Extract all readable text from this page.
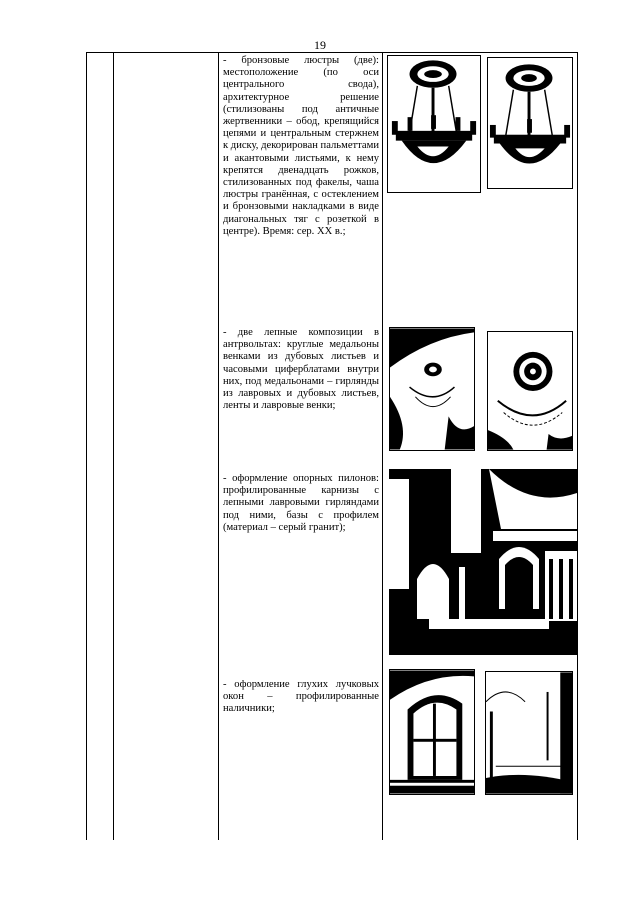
19
- бронзовые люстры (две): местоположение (по оси центрального свода), архитектурное решение (стилизованы под античные жертвенники – обод, крепящийся цепями и центральным стержнем к диску, декорирован пальметтами и акантовыми листьями, к нему крепятся двенадцать рожков, стилизованных под факелы, чаша люстры гранённая, с остеклением и бронзовыми накладками в виде диагональных тяг с розеткой в центре). Время: сер. XX в.;
- две лепные композиции в антрвольтах: круглые медальоны венками из дубовых листьев и часовыми циферблатами внутри них, под медальонами – гирлянды из лавровых и дубовых листьев, ленты и лавровые венки;
- оформление опорных пилонов: профилированные карнизы с лепными лавровыми гирляндами под ними, базы с профилем (материал – серый гранит);
- оформление глухих лучковых окон – профилированные наличники;
